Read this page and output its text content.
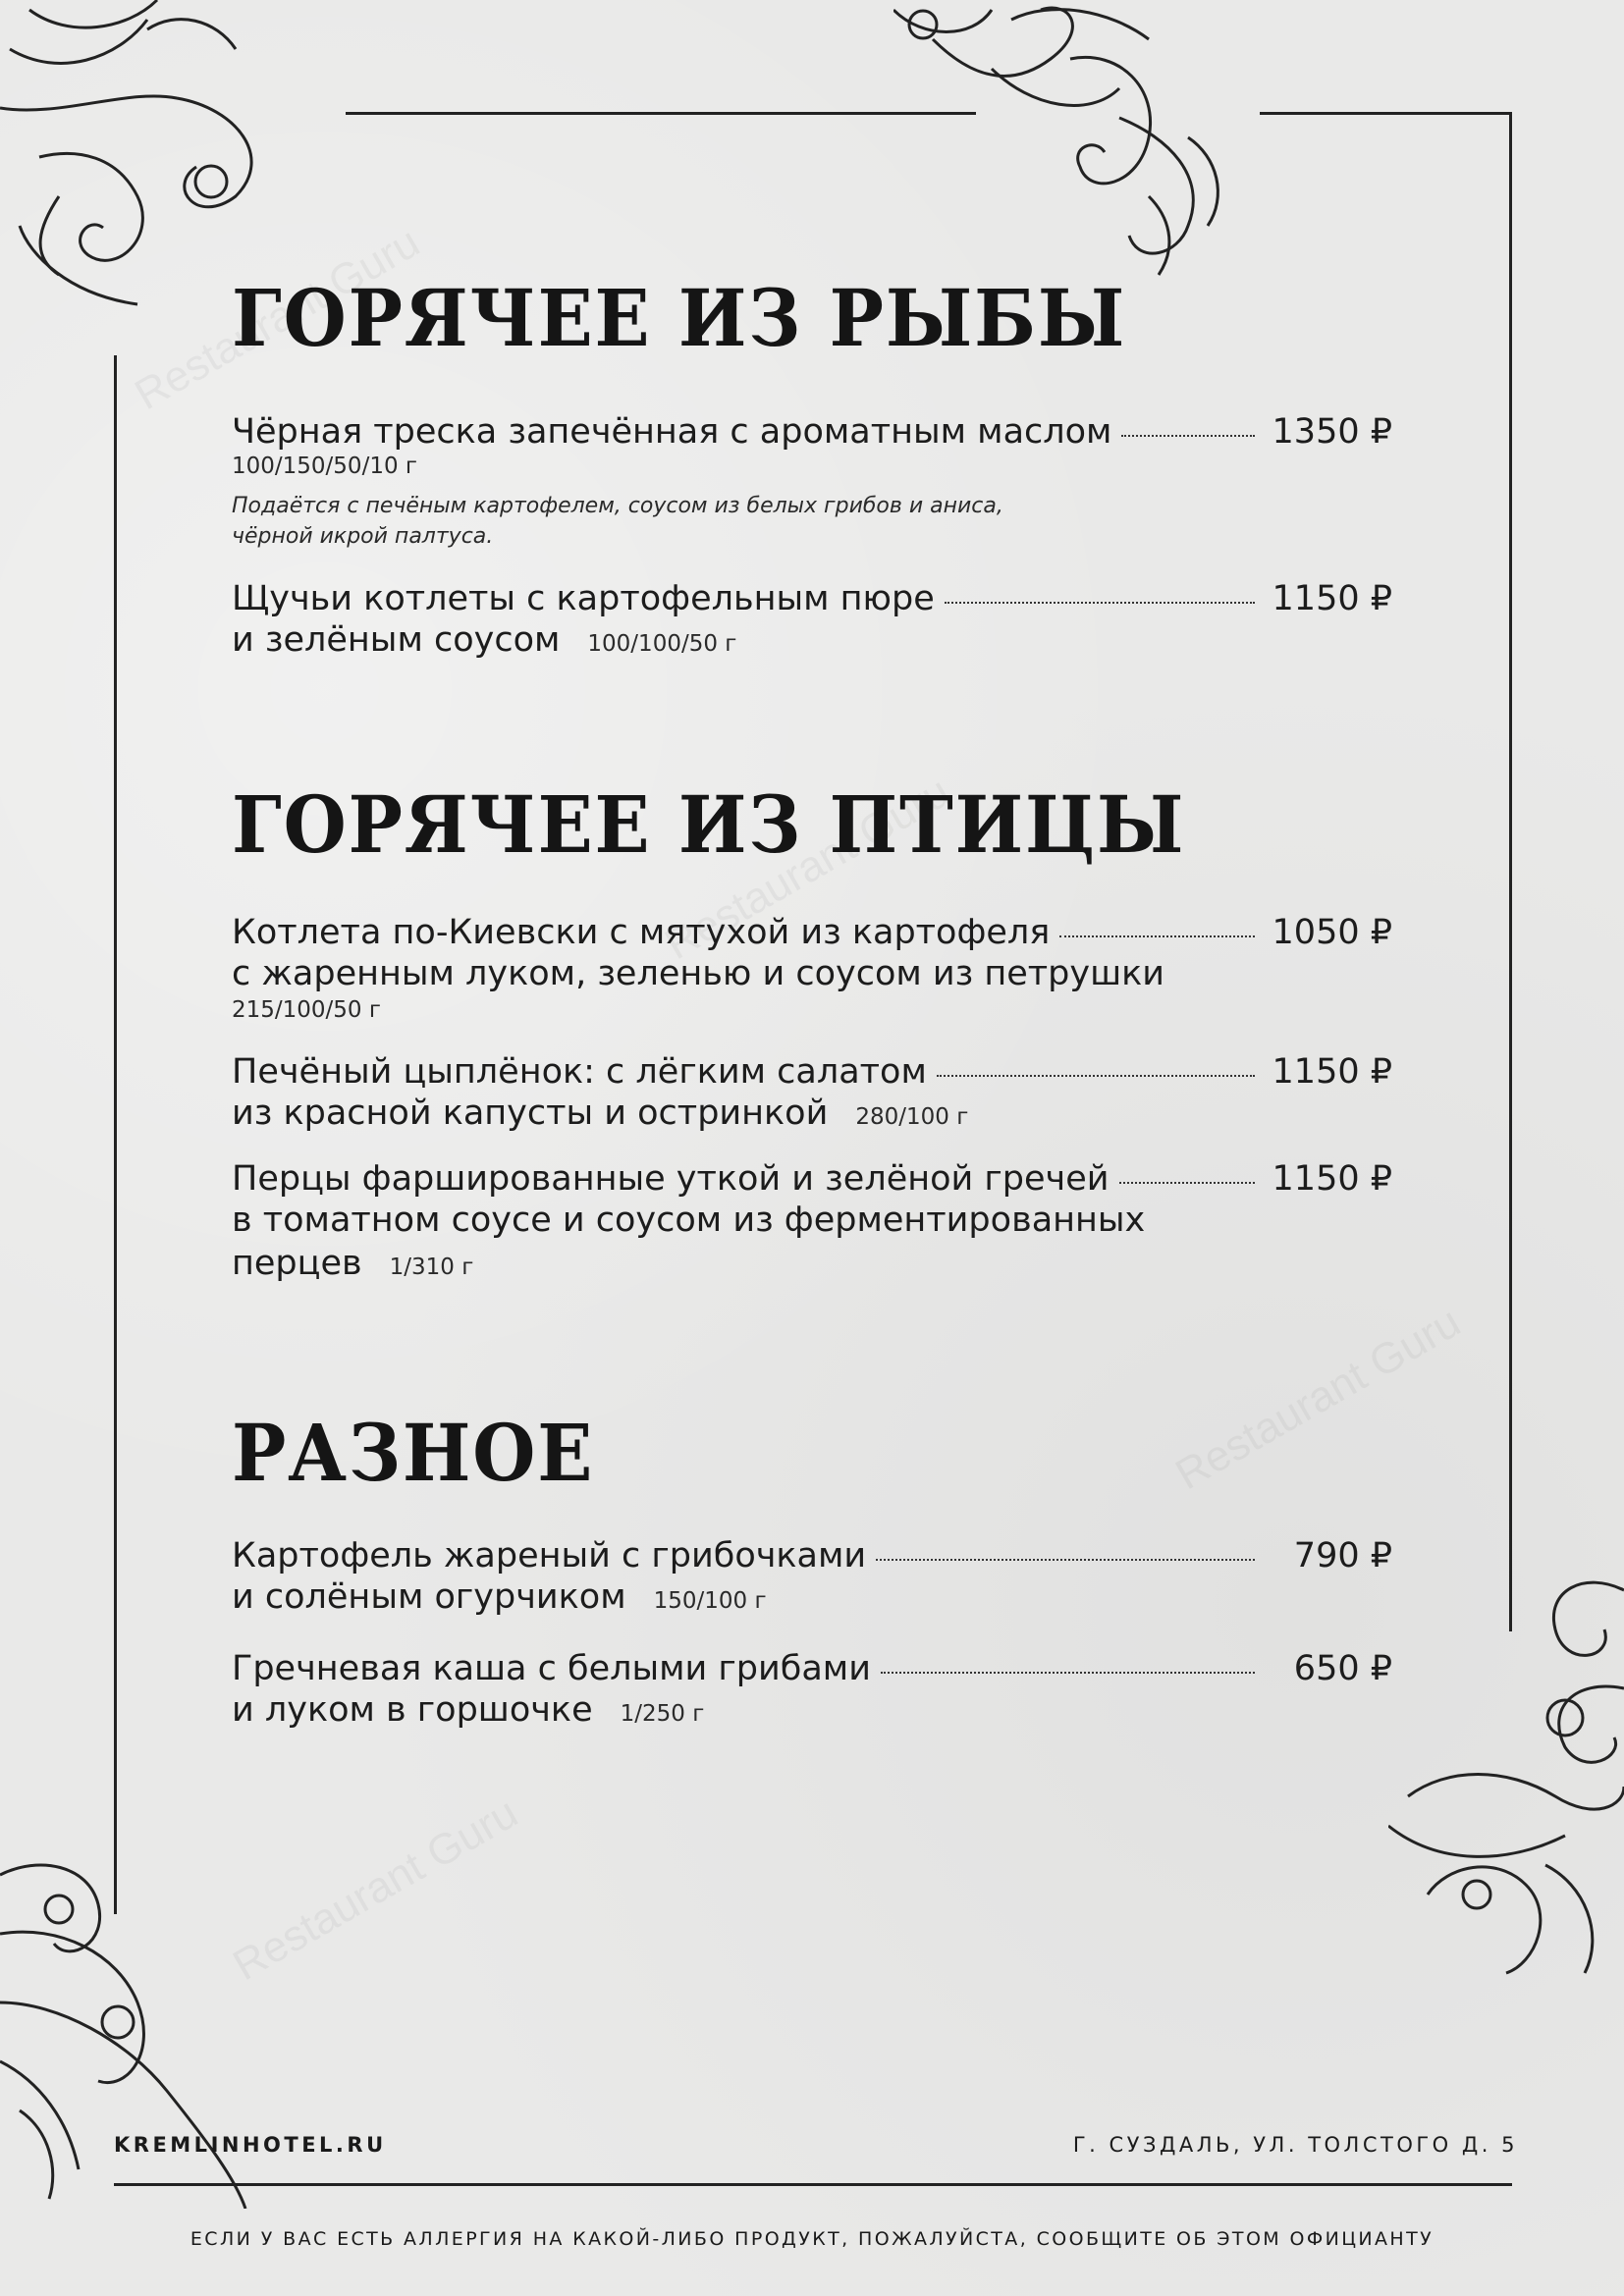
ГОРЯЧЕЕ ИЗ РЫБЫ
Чёрная треска запечённая с ароматным маслом	1350 ₽
100/150/50/10 г
Подаётся с печёным картофелем, соусом из белых грибов и аниса,
чёрной икрой палтуса.
Щучьи котлеты с картофельным пюре	1150 ₽
и зелёным соусом 100/100/50 г
ГОРЯЧЕЕ ИЗ ПТИЦЫ
Котлета по-Киевски с мятухой из картофеля	1050 ₽
с жаренным луком, зеленью и соусом из петрушки
215/100/50 г
Печёный цыплёнок: с лёгким салатом	1150 ₽
из красной капусты и остринкой 280/100 г
Перцы фаршированные уткой и зелёной гречей	1150 ₽
в томатном соусе и соусом из ферментированных
перцев 1/310 г
РАЗНОЕ
Картофель жареный с грибочками	790 ₽
и солёным огурчиком 150/100 г
Гречневая каша с белыми грибами	650 ₽
и луком в горшочке 1/250 г
KREMLINHOTEL.RU	Г. СУЗДАЛЬ, УЛ. ТОЛСТОГО Д. 5
ЕСЛИ У ВАС ЕСТЬ АЛЛЕРГИЯ НА КАКОЙ-ЛИБО ПРОДУКТ, ПОЖАЛУЙСТА, СООБЩИТЕ ОБ ЭТОМ ОФИЦИАНТУ
